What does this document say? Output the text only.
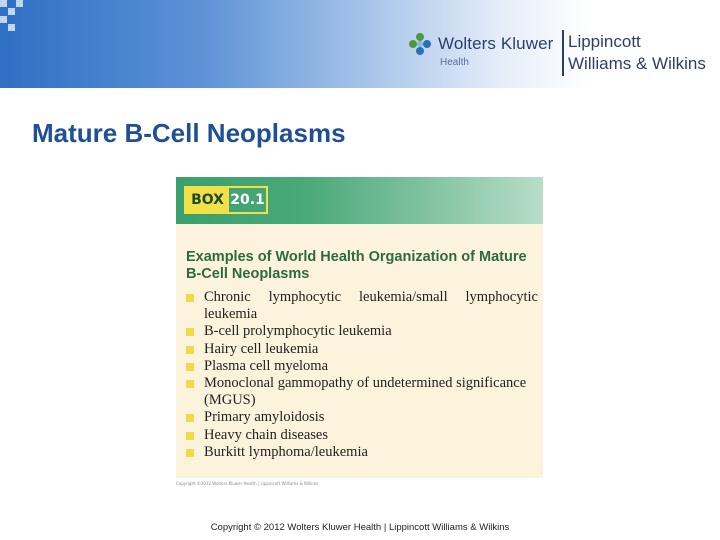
Wolters Kluwer
Health
Lippincott
Williams & Wilkins
Mature B-Cell Neoplasms
BOX 20.1
Examples of World Health Organization of Mature B-Cell Neoplasms
Chronic lymphocytic leukemia/small lymphocytic leukemia
B-cell prolymphocytic leukemia
Hairy cell leukemia
Plasma cell myeloma
Monoclonal gammopathy of undetermined significance (MGUS)
Primary amyloidosis
Heavy chain diseases
Burkitt lymphoma/leukemia
Copyright ©2012 Wolters Kluwer Health | Lippincott Williams & Wilkins
Copyright © 2012 Wolters Kluwer Health | Lippincott Williams & Wilkins
